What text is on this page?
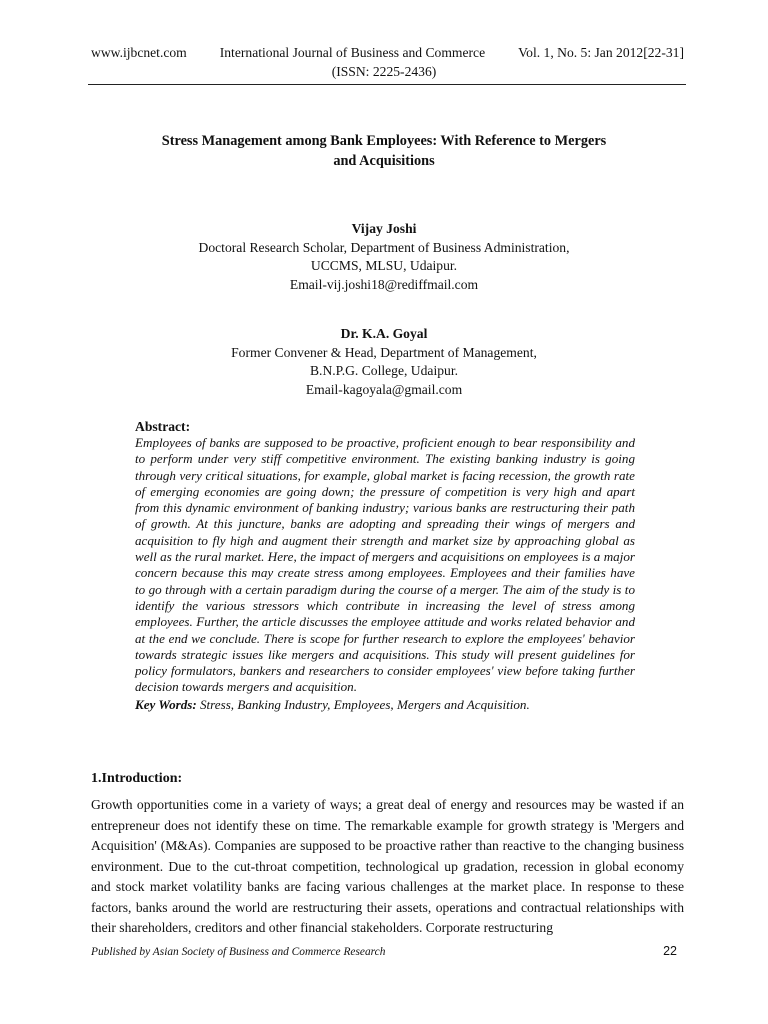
www.ijbcnet.com International Journal of Business and Commerce Vol. 1, No. 5: Jan 2012[22-31]
(ISSN: 2225-2436)
Stress Management among Bank Employees: With Reference to Mergers
and Acquisitions
Vijay Joshi
Doctoral Research Scholar, Department of Business Administration,
UCCMS, MLSU, Udaipur.
Email-vij.joshi18@rediffmail.com
Dr. K.A. Goyal
Former Convener & Head, Department of Management,
B.N.P.G. College, Udaipur.
Email-kagoyala@gmail.com
Abstract:

Employees of banks are supposed to be proactive, proficient enough to bear responsibility and to perform under very stiff competitive environment. The existing banking industry is going through very critical situations, for example, global market is facing recession, the growth rate of emerging economies are going down; the pressure of competition is very high and apart from this dynamic environment of banking industry; various banks are restructuring their path of growth. At this juncture, banks are adopting and spreading their wings of mergers and acquisition to fly high and augment their strength and market size by approaching global as well as the rural market. Here, the impact of mergers and acquisitions on employees is a major concern because this may create stress among employees. Employees and their families have to go through with a certain paradigm during the course of a merger. The aim of the study is to identify the various stressors which contribute in increasing the level of stress among employees. Further, the article discusses the employee attitude and works related behavior and at the end we conclude. There is scope for further research to explore the employees' behavior towards strategic issues like mergers and acquisitions. This study will present guidelines for policy formulators, bankers and researchers to consider employees' view before taking further decision towards mergers and acquisition.

Key Words: Stress, Banking Industry, Employees, Mergers and Acquisition.

1.Introduction:

Growth opportunities come in a variety of ways; a great deal of energy and resources may be wasted if an entrepreneur does not identify these on time. The remarkable example for growth strategy is 'Mergers and Acquisition' (M&As). Companies are supposed to be proactive rather than reactive to the changing business environment. Due to the cut-throat competition, technological up gradation, recession in global economy and stock market volatility banks are facing various challenges at the market place. In response to these factors, banks around the world are restructuring their assets, operations and contractual relationships with their shareholders, creditors and other financial stakeholders. Corporate restructuring

Published by Asian Society of Business and Commerce Research	22
